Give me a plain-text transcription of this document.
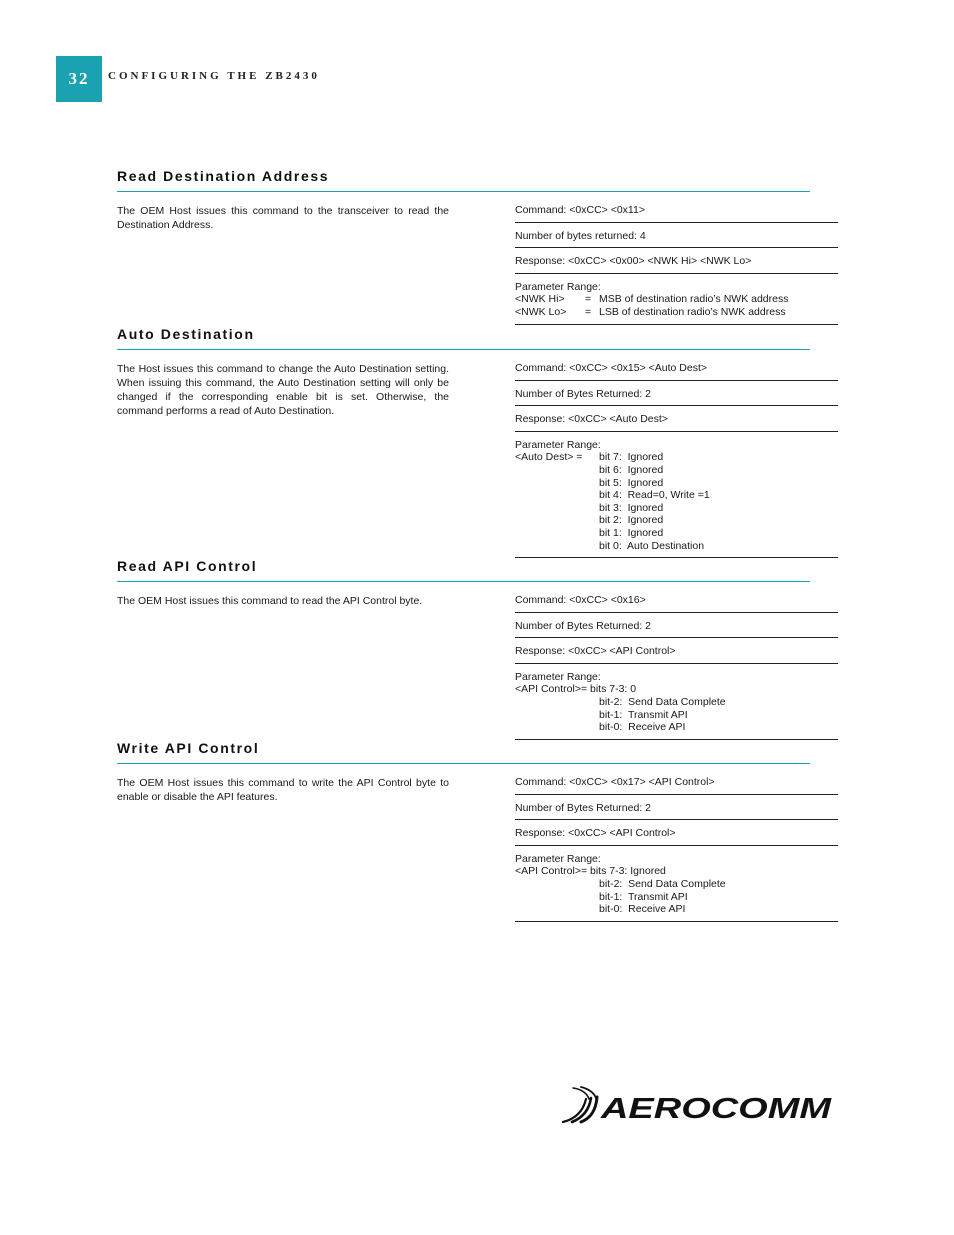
32 CONFIGURING THE ZB2430
Read Destination Address
The OEM Host issues this command to the transceiver to read the Destination Address.
Command: <0xCC> <0x11>
Number of bytes returned: 4
Response: <0xCC> <0x00> <NWK Hi> <NWK Lo>
Parameter Range:
<NWK Hi>	= MSB of destination radio’s NWK address
<NWK Lo>	= LSB of destination radio’s NWK address
Auto Destination
The Host issues this command to change the Auto Destination setting. When issuing this command, the Auto Destination setting will only be changed if the corresponding enable bit is set. Otherwise, the command performs a read of Auto Destination.
Command: <0xCC> <0x15> <Auto Dest>
Number of Bytes Returned: 2
Response: <0xCC> <Auto Dest>
Parameter Range:
<Auto Dest> =	bit 7:  Ignored
bit 6:  Ignored
bit 5:  Ignored
bit 4:  Read=0, Write =1
bit 3:  Ignored
bit 2:  Ignored
bit 1:  Ignored
bit 0:  Auto Destination
Read API Control
The OEM Host issues this command to read the API Control byte.	Command: <0xCC> <0x16>
Number of Bytes Returned: 2
Response: <0xCC> <API Control>
Parameter Range:
<API Control>= bits 7-3: 0
bit-2:  Send Data Complete
bit-1:  Transmit API
bit-0:  Receive API
Write API Control
The OEM Host issues this command to write the API Control byte to enable or disable the API features.
Command: <0xCC> <0x17> <API Control>
Number of Bytes Returned: 2
Response: <0xCC> <API Control>
Parameter Range:
<API Control>= bits 7-3: Ignored
bit-2:  Send Data Complete
bit-1:  Transmit API
bit-0:  Receive API
AEROCOMM
